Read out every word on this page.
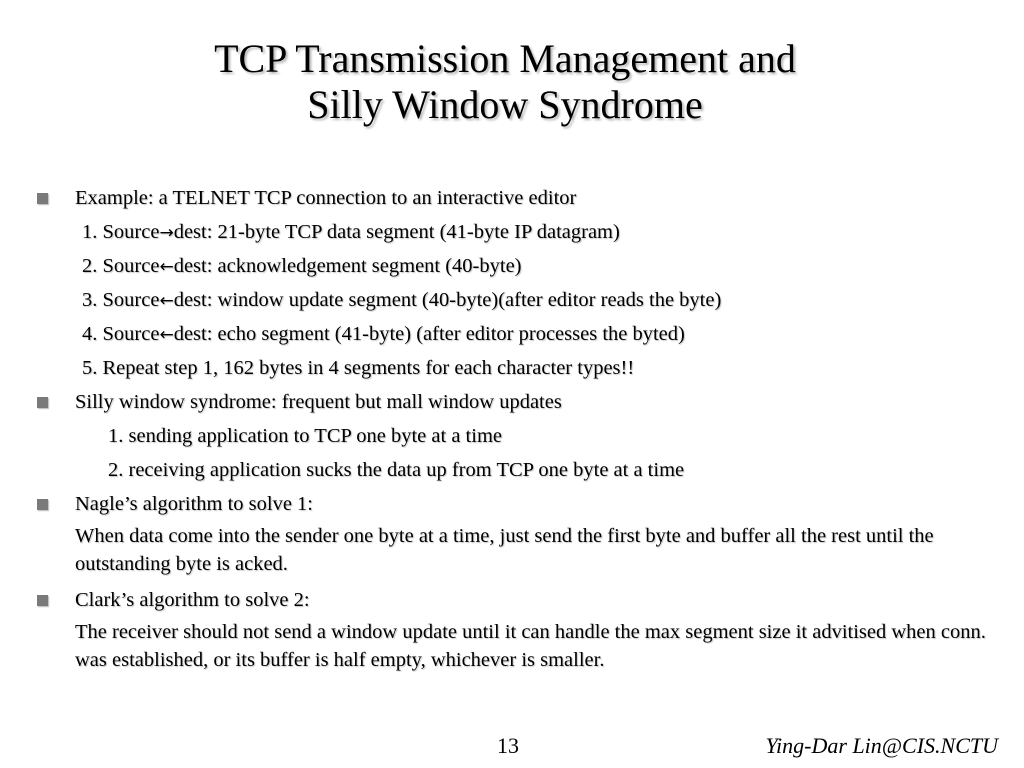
TCP Transmission Management and
Silly Window Syndrome
Example: a TELNET TCP connection to an interactive editor
1. Source→dest: 21-byte TCP data segment (41-byte IP datagram)
2. Source←dest: acknowledgement segment (40-byte)
3. Source←dest: window update segment (40-byte)(after editor reads the byte)
4. Source←dest: echo segment (41-byte) (after editor processes the byted)
5. Repeat step 1, 162 bytes in 4 segments for each character types!!
Silly window syndrome: frequent but mall window updates
1. sending application to TCP one byte at a time
2. receiving application sucks the data up from TCP one byte at a time
Nagle’s algorithm to solve 1:
When data come into the sender one byte at a time, just send the first byte and buffer all the rest until the outstanding byte is acked.
Clark’s algorithm to solve 2:
The receiver should not send a window update until it can handle the max segment size it advitised when conn. was established, or its buffer is half empty, whichever is smaller.
13	Ying-Dar Lin@CIS.NCTU
